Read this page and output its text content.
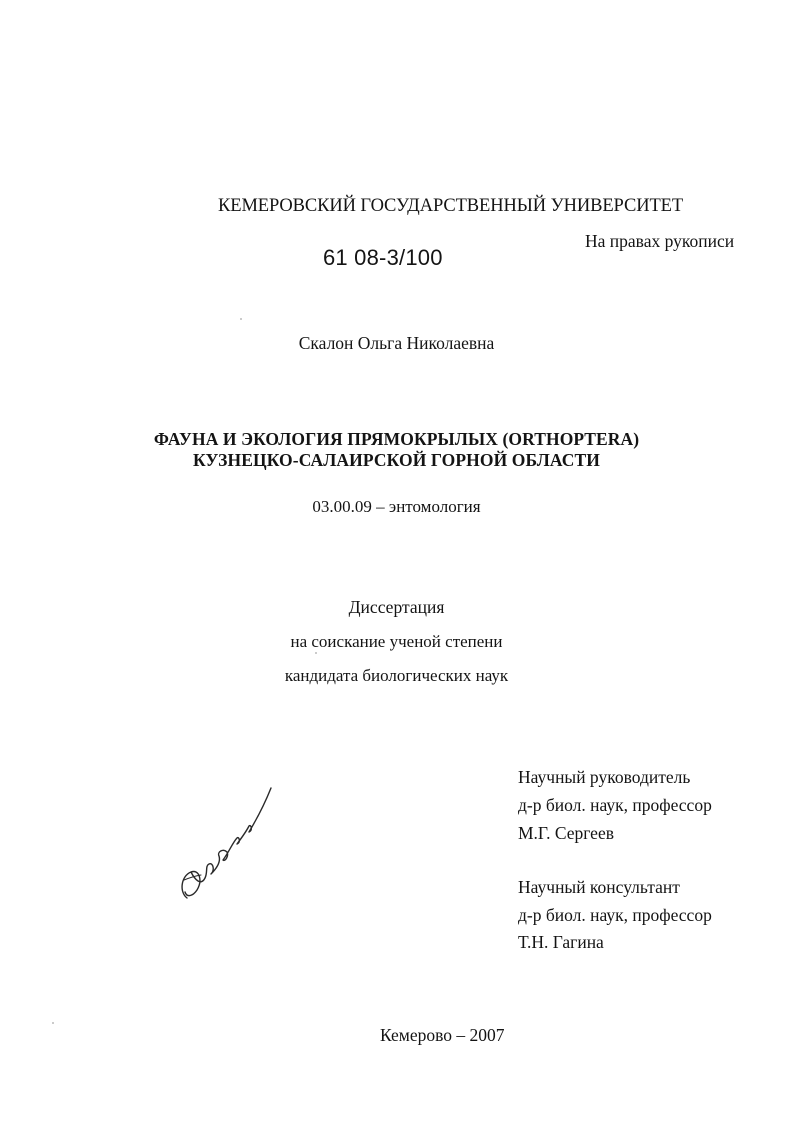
КЕМЕРОВСКИЙ ГОСУДАРСТВЕННЫЙ УНИВЕРСИТЕТ
На правах рукописи
61 08-3/100
Скалон Ольга Николаевна
ФАУНА И ЭКОЛОГИЯ ПРЯМОКРЫЛЫХ (ORTHOPTERA)
КУЗНЕЦКО-САЛАИРСКОЙ ГОРНОЙ ОБЛАСТИ
03.00.09 – энтомология
Диссертация
на соискание ученой степени
кандидата биологических наук
Научный руководитель
д-р биол. наук, профессор
М.Г. Сергеев
Научный консультант
д-р биол. наук, профессор
Т.Н. Гагина
Кемерово – 2007
